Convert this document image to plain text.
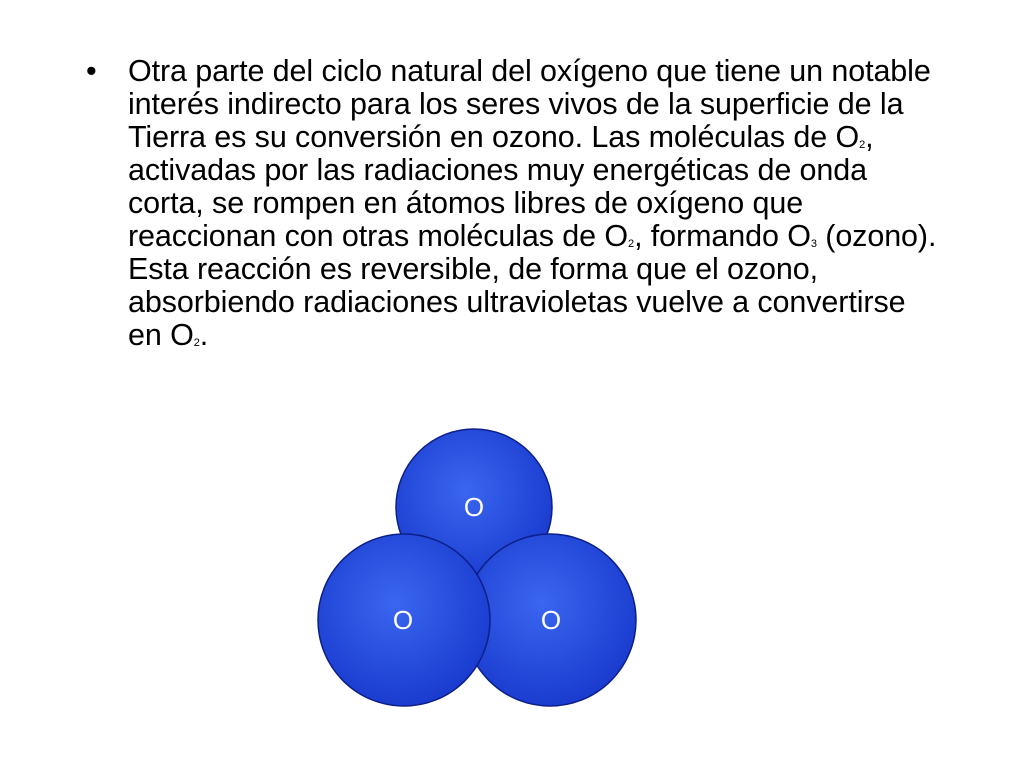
• Otra parte del ciclo natural del oxígeno que tiene un notable interés indirecto para los seres vivos de la superficie de la Tierra es su conversión en ozono. Las moléculas de O2, activadas por las radiaciones muy energéticas de onda corta, se rompen en átomos libres de oxígeno que reaccionan con otras moléculas de O2, formando O3 (ozono). Esta reacción es reversible, de forma que el ozono, absorbiendo radiaciones ultravioletas vuelve a convertirse en O2.
O
O
O
